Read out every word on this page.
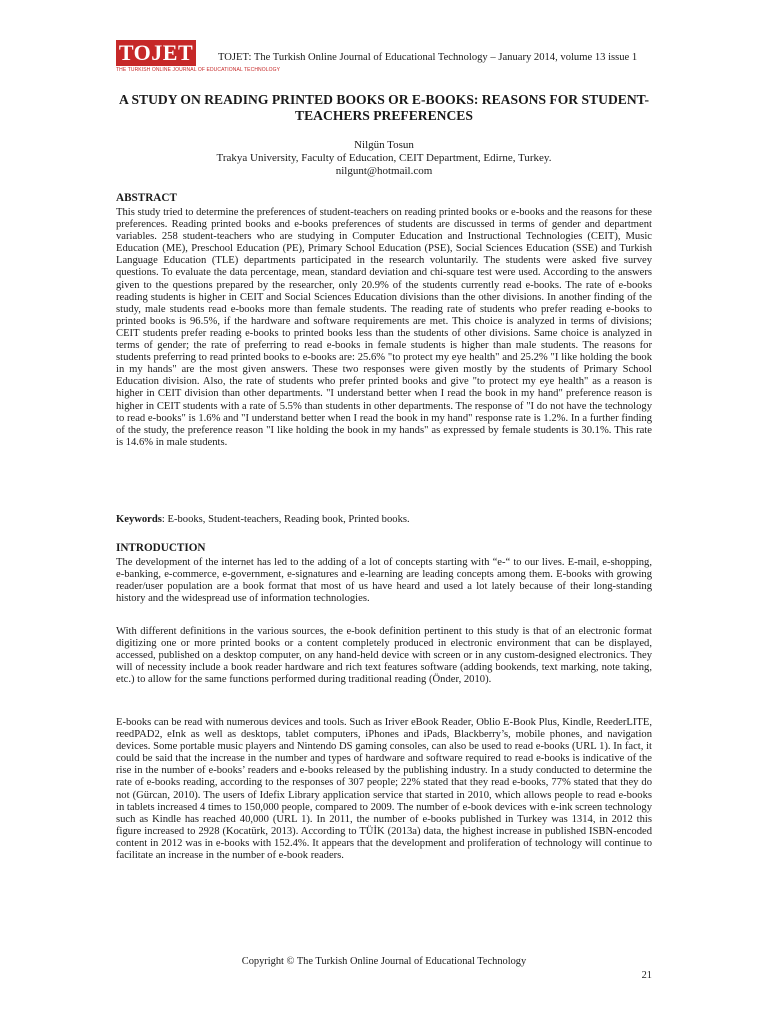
TOJET
THE TURKISH ONLINE JOURNAL OF EDUCATIONAL TECHNOLOGY
TOJET: The Turkish Online Journal of Educational Technology – January 2014, volume 13 issue 1
A STUDY ON READING PRINTED BOOKS OR E-BOOKS: REASONS FOR STUDENT-TEACHERS PREFERENCES
Nilgün Tosun
Trakya University, Faculty of Education, CEIT Department, Edirne, Turkey.
nilgunt@hotmail.com
ABSTRACT

This study tried to determine the preferences of student-teachers on reading printed books or e-books and the reasons for these preferences. Reading printed books and e-books preferences of students are discussed in terms of gender and department variables. 258 student-teachers who are studying in Computer Education and Instructional Technologies (CEIT), Music Education (ME), Preschool Education (PE), Primary School Education (PSE), Social Sciences Education (SSE) and Turkish Language Education (TLE) departments participated in the research voluntarily. The students were asked five survey questions. To evaluate the data percentage, mean, standard deviation and chi-square test were used. According to the answers given to the questions prepared by the researcher, only 20.9% of the students currently read e-books. The rate of e-books reading students is higher in CEIT and Social Sciences Education divisions than the other divisions. In another finding of the study, male students read e-books more than female students. The reading rate of students who prefer reading e-books to printed books is 96.5%, if the hardware and software requirements are met. This choice is analyzed in terms of divisions; CEIT students prefer reading e-books to printed books less than the students of other divisions. Same choice is analyzed in terms of gender; the rate of preferring to read e-books in female students is higher than male students. The reasons for students preferring to read printed books to e-books are: 25.6% "to protect my eye health" and 25.2% "I like holding the book in my hands" are the most given answers. These two responses were given mostly by the students of Primary School Education division. Also, the rate of students who prefer printed books and give "to protect my eye health" as a reason is higher in CEIT division than other departments. "I understand better when I read the book in my hand" preference reason is higher in CEIT students with a rate of 5.5% than students in other departments. The response of "I do not have the technology to read e-books" is 1.6% and "I understand better when I read the book in my hand" response rate is 1.2%. In a further finding of the study, the preference reason "I like holding the book in my hands" as expressed by female students is 30.1%. This rate is 14.6% in male students.

Keywords: E-books, Student-teachers, Reading book, Printed books.

INTRODUCTION

The development of the internet has led to the adding of a lot of concepts starting with “e-“ to our lives. E-mail, e-shopping, e-banking, e-commerce, e-government, e-signatures and e-learning are leading concepts among them. E-books with growing reader/user population are a book format that most of us have heard and used a lot lately because of their long-standing history and the widespread use of information technologies.

With different definitions in the various sources, the e-book definition pertinent to this study is that of an electronic format digitizing one or more printed books or a content completely produced in electronic environment that can be displayed, accessed, published on a desktop computer, on any hand-held device with screen or in any custom-designed electronics. They will of necessity include a book reader hardware and rich text features software (adding bookends, text marking, note taking, etc.) to allow for the same functions performed during traditional reading (Önder, 2010).

E-books can be read with numerous devices and tools. Such as Iriver eBook Reader, Oblio E-Book Plus, Kindle, ReederLITE, reedPAD2, eInk as well as desktops, tablet computers, iPhones and iPads, Blackberry’s, mobile phones, and navigation devices. Some portable music players and Nintendo DS gaming consoles, can also be used to read e-books (URL 1). In fact, it could be said that the increase in the number and types of hardware and software required to read e-books is indicative of the rise in the number of e-books’ readers and e-books released by the publishing industry. In a study conducted to determine the rate of e-books reading, according to the responses of 307 people; 22% stated that they read e-books, 77% stated that they do not (Gürcan, 2010). The users of Idefix Library application service that started in 2010, which allows people to read e-books in tablets increased 4 times to 150,000 people, compared to 2009. The number of e-book devices with e-ink screen technology such as Kindle has reached 40,000 (URL 1). In 2011, the number of e-books published in Turkey was 1314, in 2012 this figure increased to 2928 (Kocatürk, 2013). According to TÜİK (2013a) data, the highest increase in published ISBN-encoded content in 2012 was in e-books with 152.4%. It appears that the development and proliferation of technology will continue to facilitate an increase in the number of e-book readers.

Copyright © The Turkish Online Journal of Educational Technology
21
